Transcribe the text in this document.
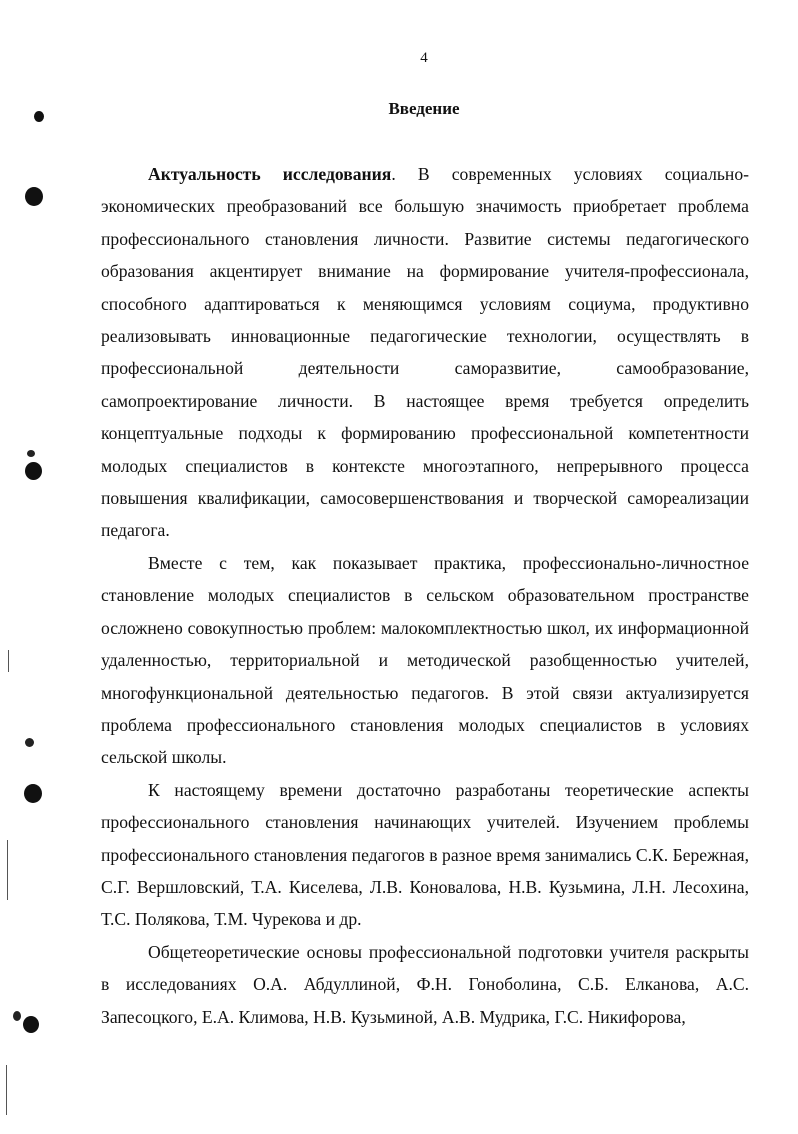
4
Введение

Актуальность исследования. В современных условиях социально-экономических преобразований все большую значимость приобретает проблема профессионального становления личности. Развитие системы педагогического образования акцентирует внимание на формирование учителя-профессионала, способного адаптироваться к меняющимся условиям социума, продуктивно реализовывать инновационные педагогические технологии, осуществлять в профессиональной деятельности саморазвитие, самообразование, самопроектирование личности. В настоящее время требуется определить концептуальные подходы к формированию профессиональной компетентности молодых специалистов в контексте многоэтапного, непрерывного процесса повышения квалификации, самосовершенствования и творческой самореализации педагога.

Вместе с тем, как показывает практика, профессионально-личностное становление молодых специалистов в сельском образовательном пространстве осложнено совокупностью проблем: малокомплектностью школ, их информационной удаленностью, территориальной и методической разобщенностью учителей, многофункциональной деятельностью педагогов. В этой связи актуализируется проблема профессионального становления молодых специалистов в условиях сельской школы.

К настоящему времени достаточно разработаны теоретические аспекты профессионального становления начинающих учителей. Изучением проблемы профессионального становления педагогов в разное время занимались С.К. Бережная, С.Г. Вершловский, Т.А. Киселева, Л.В. Коновалова, Н.В. Кузьмина, Л.Н. Лесохина, Т.С. Полякова, Т.М. Чурекова и др.

Общетеоретические основы профессиональной подготовки учителя раскрыты в исследованиях О.А. Абдуллиной, Ф.Н. Гоноболина, С.Б. Елканова, А.С. Запесоцкого, Е.А. Климова, Н.В. Кузьминой, А.В. Мудрика, Г.С. Никифорова,
